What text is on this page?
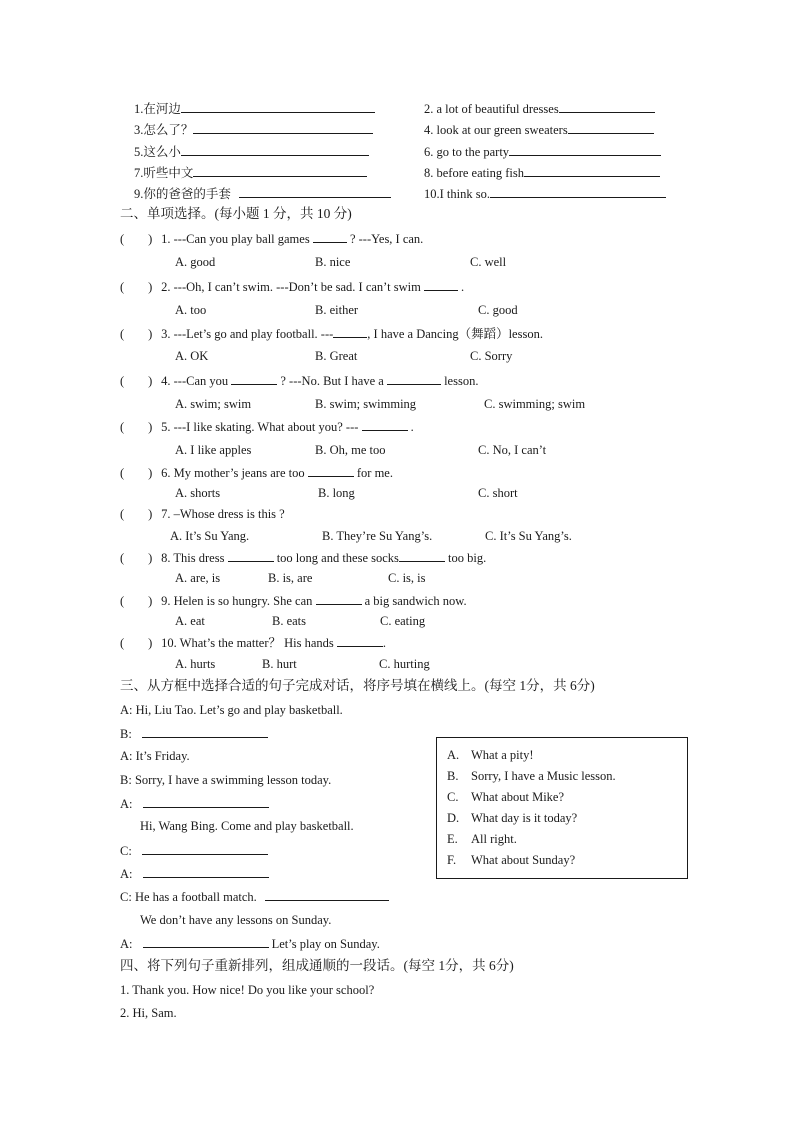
1.在河边	2. a lot of beautiful dresses
3.怎么了？	4. look at our green sweaters
5.这么小	6. go to the party
7.听些中文	8. before eating fish
9.你的爸爸的手套	10.I think so.
二、单项选择。(每小题 1 分，共 10 分)
( ) 1. ---Can you play ball games	? ---Yes, I can.
A. good	B. nice	C. well
( ) 2. ---Oh, I can’t swim. ---Don’t be sad. I can’t swim	.
A. too	B. either	C. good
( ) 3. ---Let’s go and play football. ---	, I have a Dancing（舞蹈）lesson.
A. OK	B. Great	C. Sorry
( ) 4. ---Can you	? ---No. But I have a	lesson.
A. swim; swim	B. swim; swimming	C. swimming; swim
( ) 5. ---I like skating. What about you? ---	.
A. I like apples	B. Oh, me too	C. No, I can’t
( ) 6. My mother’s jeans are too	for me.
A. shorts	B. long	C. short
( ) 7. –Whose dress is this ?
A. It’s Su Yang.	B. They’re Su Yang’s.	C. It’s Su Yang’s.
( ) 8. This dress	too long and these socks	too big.
A. are, is	B. is, are	C. is, is
( ) 9. Helen is so hungry. She can	a big sandwich now.
A. eat	B. eats	C. eating
( ) 10. What’s the matter？ His hands	.
A. hurts	B. hurt	C. hurting
三、从方框中选择合适的句子完成对话，将序号填在横线上。(每空 1分，共 6分)
A: Hi, Liu Tao. Let’s go and play basketball.
B:
A: It’s Friday.
B: Sorry, I have a swimming lesson today.
A:
Hi, Wang Bing. Come and play basketball.
C:
A:
C: He has a football match.
We don’t have any lessons on Sunday.
A:	Let’s play on Sunday.
A. What a pity!
B. Sorry, I have a Music lesson.
C. What about Mike?
D. What day is it today?
E. All right.
F. What about Sunday?
四、将下列句子重新排列，组成通顺的一段话。(每空 1分，共 6分)
1. Thank you. How nice! Do you like your school?
2. Hi, Sam.
